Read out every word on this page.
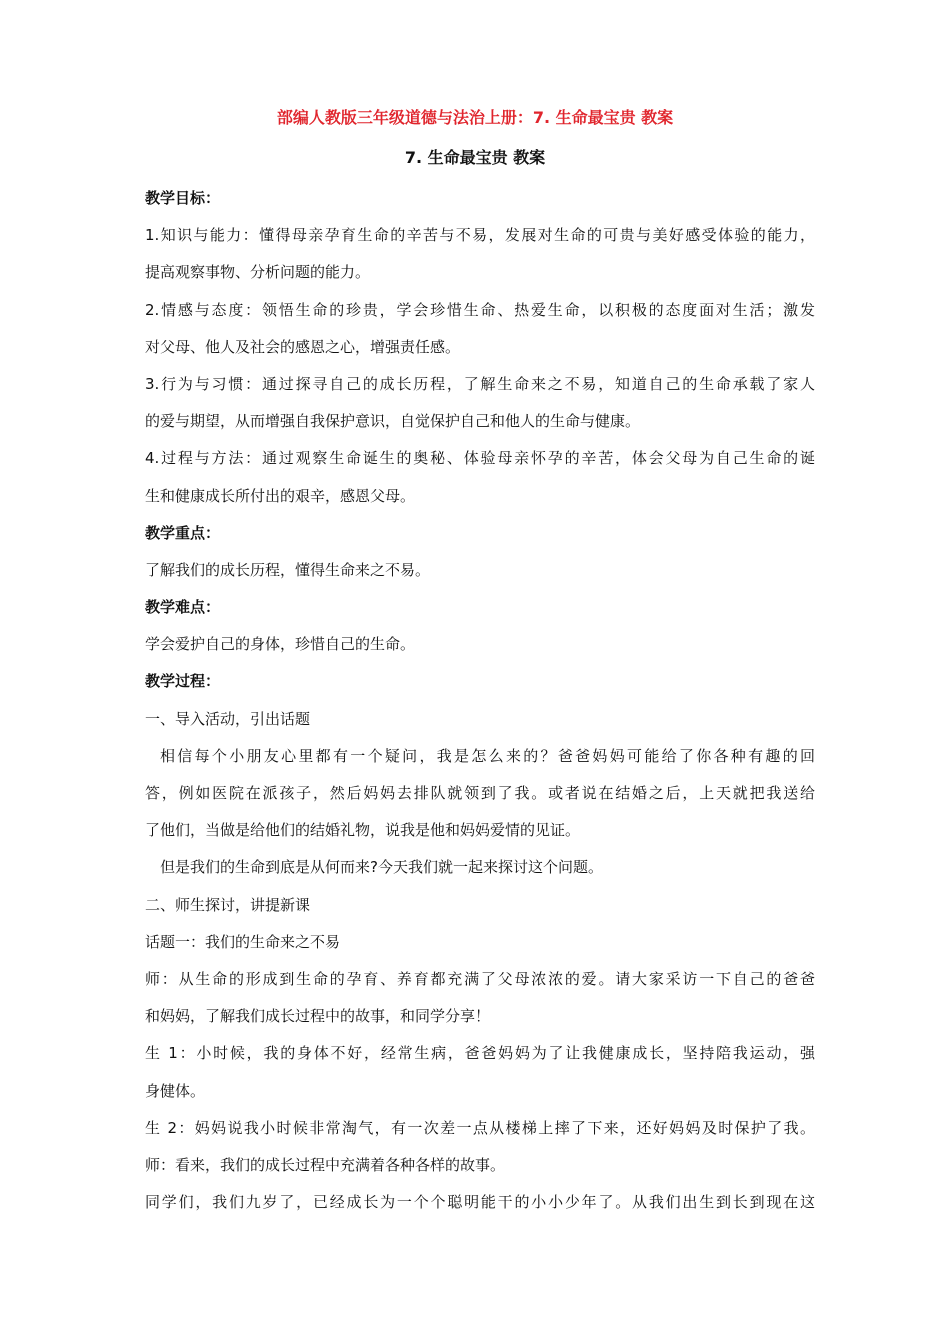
部编人教版三年级道德与法治上册：7. 生命最宝贵 教案
7. 生命最宝贵 教案
教学目标：
1.知识与能力：懂得母亲孕育生命的辛苦与不易，发展对生命的可贵与美好感受体验的能力，
提高观察事物、分析问题的能力。
2.情感与态度：领悟生命的珍贵，学会珍惜生命、热爱生命，以积极的态度面对生活；激发
对父母、他人及社会的感恩之心，增强责任感。
3.行为与习惯：通过探寻自己的成长历程，了解生命来之不易，知道自己的生命承载了家人
的爱与期望，从而增强自我保护意识，自觉保护自己和他人的生命与健康。
4.过程与方法：通过观察生命诞生的奥秘、体验母亲怀孕的辛苦，体会父母为自己生命的诞
生和健康成长所付出的艰辛，感恩父母。
教学重点：
了解我们的成长历程，懂得生命来之不易。
教学难点：
学会爱护自己的身体，珍惜自己的生命。
教学过程：
一、导入活动，引出话题
相信每个小朋友心里都有一个疑问，我是怎么来的？爸爸妈妈可能给了你各种有趣的回
答，例如医院在派孩子，然后妈妈去排队就领到了我。或者说在结婚之后，上天就把我送给
了他们，当做是给他们的结婚礼物，说我是他和妈妈爱情的见证。
但是我们的生命到底是从何而来?今天我们就一起来探讨这个问题。
二、师生探讨，讲提新课
话题一：我们的生命来之不易
师：从生命的形成到生命的孕育、养育都充满了父母浓浓的爱。请大家采访一下自己的爸爸
和妈妈，了解我们成长过程中的故事，和同学分享！
生 1：小时候，我的身体不好，经常生病，爸爸妈妈为了让我健康成长，坚持陪我运动，强
身健体。
生 2：妈妈说我小时候非常淘气，有一次差一点从楼梯上摔了下来，还好妈妈及时保护了我。
师：看来，我们的成长过程中充满着各种各样的故事。
同学们，我们九岁了，已经成长为一个个聪明能干的小小少年了。从我们出生到长到现在这
